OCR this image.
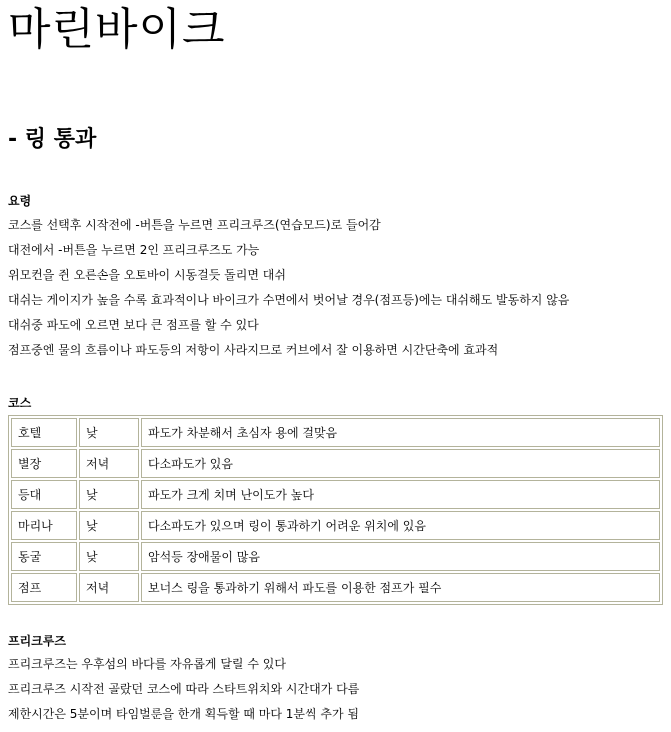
마린바이크
- 링 통과
요령
코스를 선택후 시작전에 -버튼을 누르면 프리크루즈(연습모드)로 들어감
대전에서 -버튼을 누르면 2인 프리크루즈도 가능
위모컨을 쥔 오른손을 오토바이 시동걸듯 돌리면 대쉬
대쉬는 게이지가 높을 수록 효과적이나 바이크가 수면에서 벗어날 경우(점프등)에는 대쉬해도 발동하지 않음
대쉬중 파도에 오르면 보다 큰 점프를 할 수 있다
점프중엔 물의 흐름이나 파도등의 저항이 사라지므로 커브에서 잘 이용하면 시간단축에 효과적
코스
호텔	낮	파도가 차분해서 초심자 용에 걸맞음
별장	저녁	다소파도가 있음
등대	낮	파도가 크게 치며 난이도가 높다
마리나	낮	다소파도가 있으며 링이 통과하기 어려운 위치에 있음
동굴	낮	암석등 장애물이 많음
점프	저녁	보너스 링을 통과하기 위해서 파도를 이용한 점프가 필수
프리크루즈
프리크루즈는 우후섬의 바다를 자유롭게 달릴 수 있다
프리크루즈 시작전 골랐던 코스에 따라 스타트위치와 시간대가 다름
제한시간은 5분이며 타임벌룬을 한개 획득할 때 마다 1분씩 추가 됨
